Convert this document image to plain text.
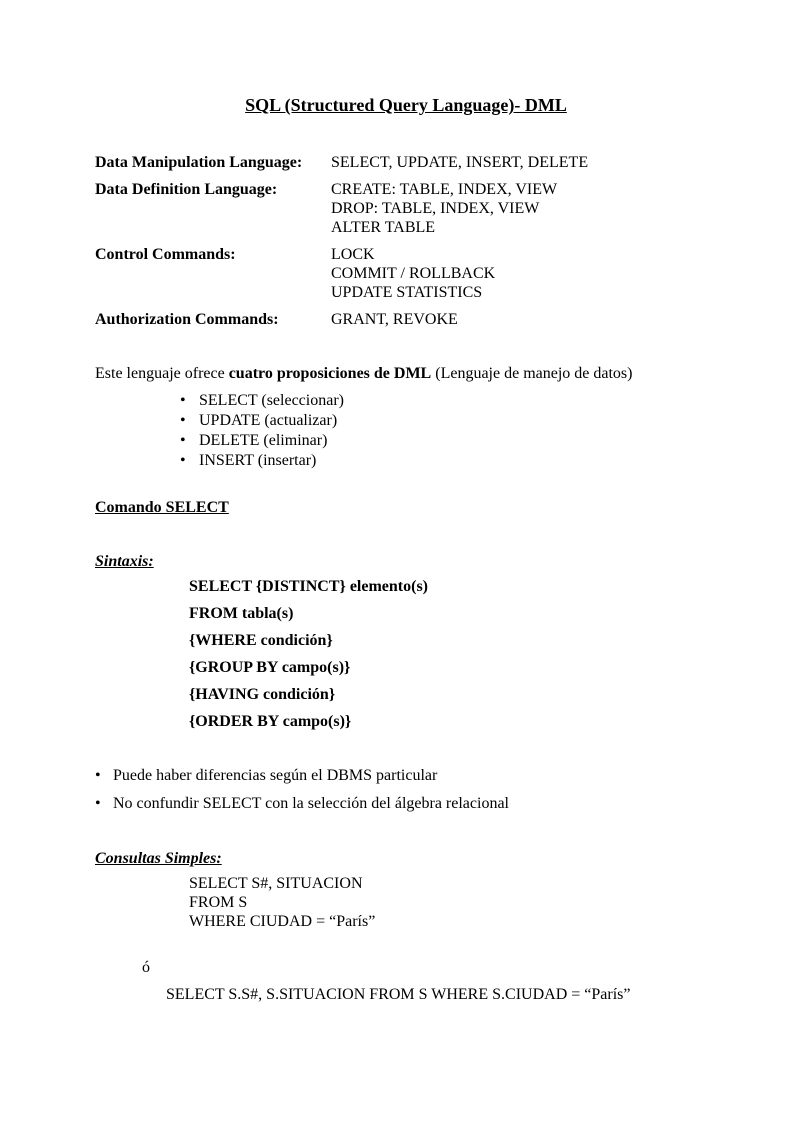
SQL (Structured Query Language)- DML
Data Manipulation Language: SELECT, UPDATE, INSERT, DELETE
Data Definition Language:	CREATE: TABLE, INDEX, VIEW
DROP: TABLE, INDEX, VIEW
ALTER TABLE
Control Commands:	LOCK
COMMIT / ROLLBACK
UPDATE STATISTICS
Authorization Commands:	GRANT, REVOKE
Este lenguaje ofrece cuatro proposiciones de DML (Lenguaje de manejo de datos)
• SELECT (seleccionar)
• UPDATE (actualizar)
• DELETE (eliminar)
• INSERT (insertar)
Comando SELECT
Sintaxis:
SELECT {DISTINCT} elemento(s)
FROM tabla(s)
{WHERE condición}
{GROUP BY campo(s)}
{HAVING condición}
{ORDER BY campo(s)}
• Puede haber diferencias según el DBMS particular
• No confundir SELECT con la selección del álgebra relacional
Consultas Simples:
SELECT S#, SITUACION
FROM S
WHERE CIUDAD = “París”
ó
SELECT S.S#, S.SITUACION FROM S WHERE S.CIUDAD = “París”
